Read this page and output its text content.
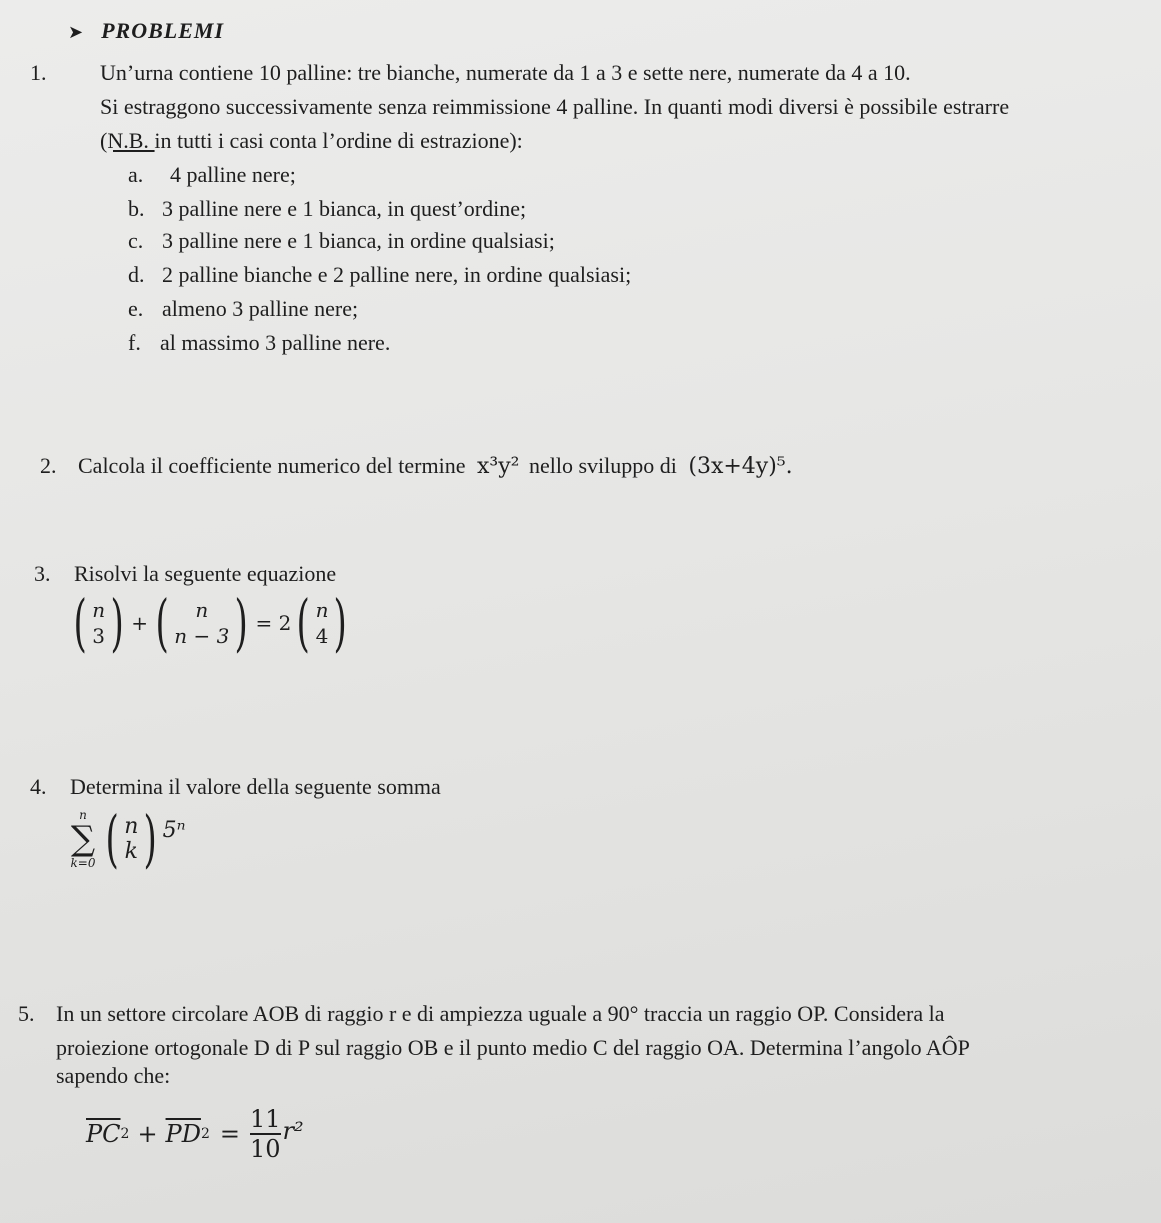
➤ PROBLEMI
1. Un’urna contiene 10 palline: tre bianche, numerate da 1 a 3 e sette nere, numerate da 4 a 10.
Si estraggono successivamente senza reimmissione 4 palline. In quanti modi diversi è possibile estrarre
(N.B. in tutti i casi conta l’ordine di estrazione):
a. 4 palline nere;
b. 3 palline nere e 1 bianca, in quest’ordine;
c. 3 palline nere e 1 bianca, in ordine qualsiasi;
d. 2 palline bianche e 2 palline nere, in ordine qualsiasi;
e. almeno 3 palline nere;
f. al massimo 3 palline nere.
2. Calcola il coefficiente numerico del termine x³y² nello sviluppo di (3x+4y)⁵.
3. Risolvi la seguente equazione
( n
3 ) + ( n
n − 3 ) = 2 ( n
4 )
4. Determina il valore della seguente somma
n
∑
k=0 ( n
k ) 5ⁿ
5. In un settore circolare AOB di raggio r e di ampiezza uguale a 90° traccia un raggio OP. Considera la
proiezione ortogonale D di P sul raggio OB e il punto medio C del raggio OA. Determina l’angolo AÔP
sapendo che:
$\overline{PC}$ $2 + \overline{PD}$ $2 = \frac{11}{10} r^2$
